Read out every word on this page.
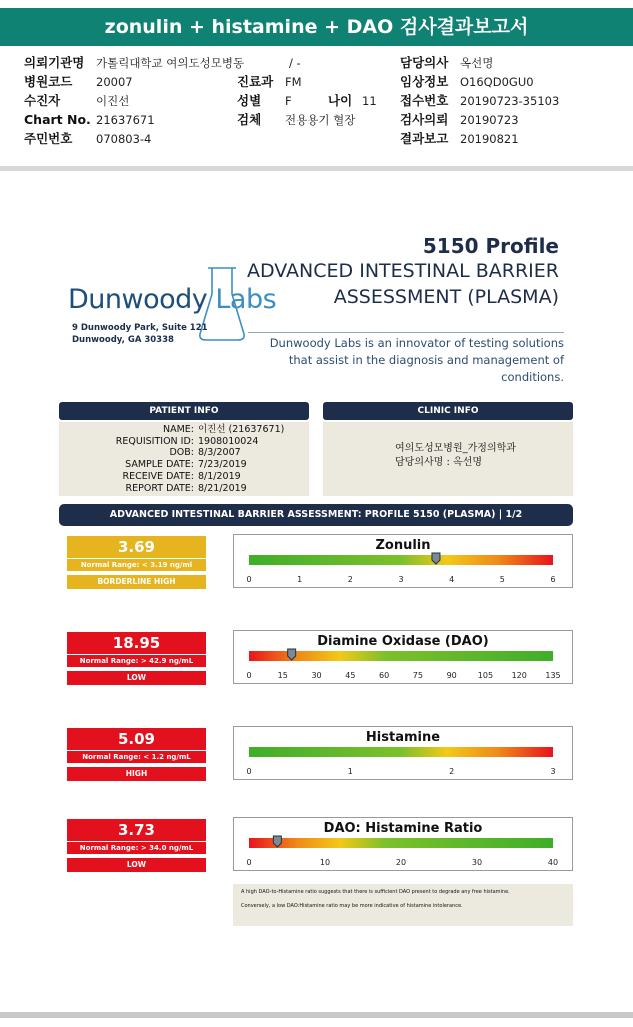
zonulin + histamine + DAO 검사결과보고서
의뢰기관명 가톨릭대학교 여의도성모병동	/ -	담당의사 옥선명
병원코드 20007	진료과 FM	임상정보 O16QD0GU0
수진자	이진선	성별 F	나이 11 접수번호 20190723-35103
Chart No. 21637671	검체 전용용기 혈장	검사의뢰 20190723
주민번호 070803-4	결과보고 20190821
5150 Profile
ADVANCED INTESTINAL BARRIER
ASSESSMENT (PLASMA)
Dunwoody Labs
9 Dunwoody Park, Suite 121
Dunwoody, GA 30338	Dunwoody Labs is an innovator of testing solutions that assist in the diagnosis and management of conditions.
PATIENT INFO
NAME: 이진선 (21637671)
REQUISITION ID: 1908010024
DOB: 8/3/2007
SAMPLE DATE: 7/23/2019
RECEIVE DATE: 8/1/2019
REPORT DATE: 8/21/2019
CLINIC INFO
여의도성모병원_가정의학과
담당의사명 : 옥선명
ADVANCED INTESTINAL BARRIER ASSESSMENT: PROFILE 5150 (PLASMA) | 1/2
3.69
Normal Range: < 3.19 ng/ml
BORDERLINE HIGH
Zonulin
0	1	2	3	4	5	6
18.95
Normal Range: > 42.9 ng/mL
LOW
Diamine Oxidase (DAO)
0	15	30	45	60	75	90	105 120 135
5.09
Normal Range: < 1.2 ng/mL
HIGH
Histamine
0	1	2	3
3.73
Normal Range: > 34.0 ng/mL
LOW
DAO: Histamine Ratio
0	10	20	30	40
A high DAO-to-Histamine ratio suggests that there is sufficient DAO present to degrade any free histamine.
Conversely, a low DAO:Histamine ratio may be more indicative of histamine intolerance.
